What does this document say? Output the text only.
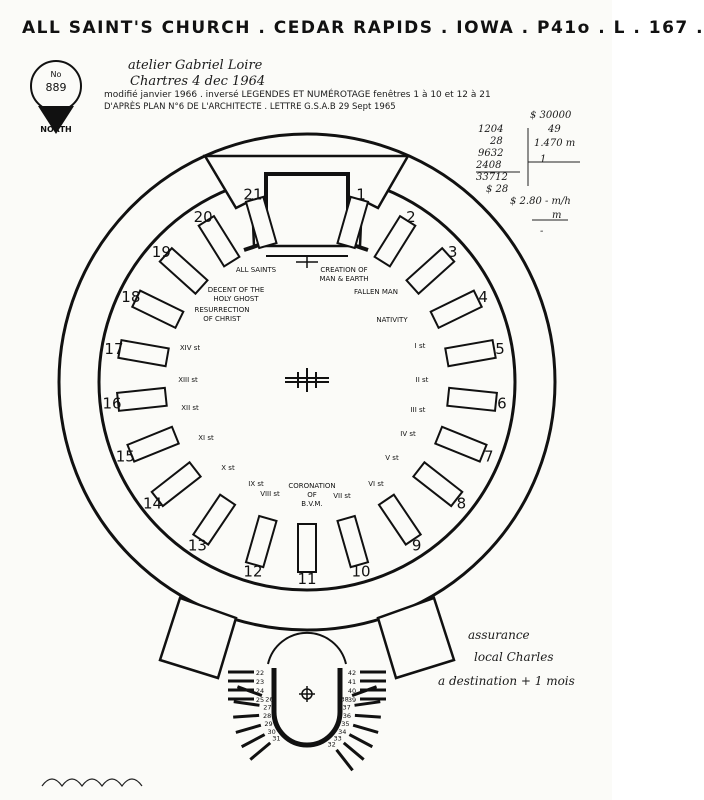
ALL SAINT'S CHURCH . CEDAR RAPIDS . IOWA . P41o . L . 167 .
atelier Gabriel Loire
Chartres 4 dec 1964
modifié janvier 1966 . inversé LEGENDES ET NUMÉROTAGE fenêtres 1 à 10 et 12 à 21
D'APRÈS PLAN N°6 DE L'ARCHITECTE . LETTRE G.S.A.B 29 Sept 1965
No
889
NORTH	1204
28
9632
2408
33712
$ 30000
49
1.470 m
1
$ 28
$ 2.80 - m/h
m
-
assurance
local Charles
a destination + 1 mois
22
23
24
25 26
27
28
29
30
31
42
41
40
39
38
37
36
35
34
33
32
1
2
3
4
5
6
7
8
9
10
11
12
13
14
15
16
17
18
19
20
21
CREATION OF
MAN & EARTH
FALLEN MAN
NATIVITY
ALL SAINTS
DECENT OF THE
HOLY GHOST
RESURRECTION
OF CHRIST
CORONATION
OF
B.V.M.
I st
II st
III st
IV st
V st
VI st
VII st
VIII st
IX st
X st
XI st
XII st
XIII st
XIV st
